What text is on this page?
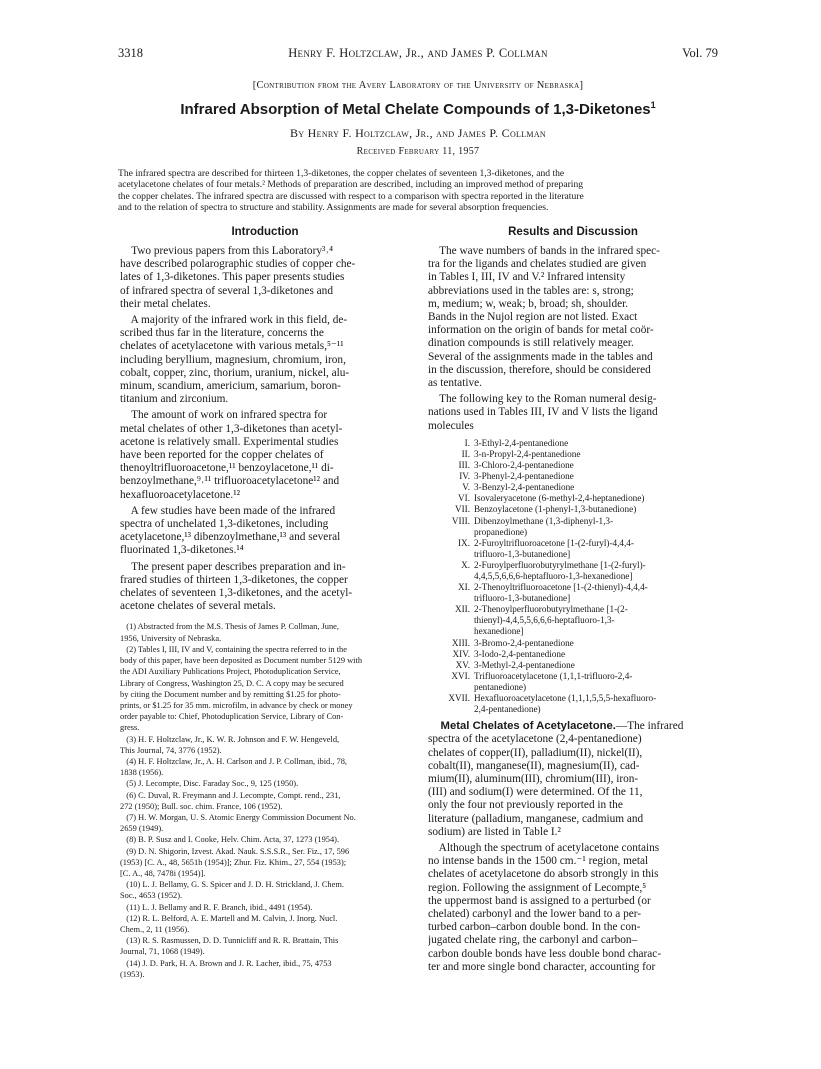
3318	Henry F. Holtzclaw, Jr., and James P. Collman	Vol. 79
[Contribution from the Avery Laboratory of the University of Nebraska]
Infrared Absorption of Metal Chelate Compounds of 1,3-Diketones$^1$
By Henry F. Holtzclaw, Jr., and James P. Collman
Received February 11, 1957
The infrared spectra are described for thirteen 1,3-diketones, the copper chelates of seventeen 1,3-diketones, and the
acetylacetone chelates of four metals.² Methods of preparation are described, including an improved method of preparing
the copper chelates. The infrared spectra are discussed with respect to a comparison with spectra reported in the literature
and to the relation of spectra to structure and stability. Assignments are made for several absorption frequencies.
Introduction
Two previous papers from this Laboratory³˒⁴
have described polarographic studies of copper che-
lates of 1,3-diketones. This paper presents studies
of infrared spectra of several 1,3-diketones and
their metal chelates.
A majority of the infrared work in this field, de-
scribed thus far in the literature, concerns the
chelates of acetylacetone with various metals,⁵⁻¹¹
including beryllium, magnesium, chromium, iron,
cobalt, copper, zinc, thorium, uranium, nickel, alu-
minum, scandium, americium, samarium, boron-
titanium and zirconium.
The amount of work on infrared spectra for
metal chelates of other 1,3-diketones than acetyl-
acetone is relatively small. Experimental studies
have been reported for the copper chelates of
thenoyltrifluoroacetone,¹¹ benzoylacetone,¹¹ di-
benzoylmethane,⁹˒¹¹ trifluoroacetylacetone¹² and
hexafluoroacetylacetone.¹²
A few studies have been made of the infrared
spectra of unchelated 1,3-diketones, including
acetylacetone,¹³ dibenzoylmethane,¹³ and several
fluorinated 1,3-diketones.¹⁴
The present paper describes preparation and in-
frared studies of thirteen 1,3-diketones, the copper
chelates of seventeen 1,3-diketones, and the acetyl-
acetone chelates of several metals.
(1) Abstracted from the M.S. Thesis of James P. Collman, June,
1956, University of Nebraska.
(2) Tables I, III, IV and V, containing the spectra referred to in the
body of this paper, have been deposited as Document number 5129 with
the ADI Auxiliary Publications Project, Photoduplication Service,
Library of Congress, Washington 25, D. C. A copy may be secured
by citing the Document number and by remitting $1.25 for photo-
prints, or $1.25 for 35 mm. microfilm, in advance by check or money
order payable to: Chief, Photoduplication Service, Library of Con-
gress.
(3) H. F. Holtzclaw, Jr., K. W. R. Johnson and F. W. Hengeveld,
This Journal, 74, 3776 (1952).
(4) H. F. Holtzclaw, Jr., A. H. Carlson and J. P. Collman, ibid., 78,
1838 (1956).
(5) J. Lecompte, Disc. Faraday Soc., 9, 125 (1950).
(6) C. Duval, R. Freymann and J. Lecompte, Compt. rend., 231,
272 (1950); Bull. soc. chim. France, 106 (1952).
(7) H. W. Morgan, U. S. Atomic Energy Commission Document No.
2659 (1949).
(8) B. P. Susz and I. Cooke, Helv. Chim. Acta, 37, 1273 (1954).
(9) D. N. Shigorin, Izvest. Akad. Nauk. S.S.S.R., Ser. Fiz., 17, 596
(1953) [C. A., 48, 5651h (1954)]; Zhur. Fiz. Khim., 27, 554 (1953);
[C. A., 48, 7478i (1954)].
(10) L. J. Bellamy, G. S. Spicer and J. D. H. Strickland, J. Chem.
Soc., 4653 (1952).
(11) L. J. Bellamy and R. F. Branch, ibid., 4491 (1954).
(12) R. L. Belford, A. E. Martell and M. Calvin, J. Inorg. Nucl.
Chem., 2, 11 (1956).
(13) R. S. Rasmussen, D. D. Tunnicliff and R. R. Brattain, This
Journal, 71, 1068 (1949).
(14) J. D. Park, H. A. Brown and J. R. Lacher, ibid., 75, 4753
(1953).
Results and Discussion
The wave numbers of bands in the infrared spec-
tra for the ligands and chelates studied are given
in Tables I, III, IV and V.² Infrared intensity
abbreviations used in the tables are: s, strong;
m, medium; w, weak; b, broad; sh, shoulder.
Bands in the Nujol region are not listed. Exact
information on the origin of bands for metal coör-
dination compounds is still relatively meager.
Several of the assignments made in the tables and
in the discussion, therefore, should be considered
as tentative.
The following key to the Roman numeral desig-
nations used in Tables III, IV and V lists the ligand
molecules
I. 3-Ethyl-2,4-pentanedione
II. 3-n-Propyl-2,4-pentanedione
III. 3-Chloro-2,4-pentanedione
IV. 3-Phenyl-2,4-pentanedione
V. 3-Benzyl-2,4-pentanedione
VI. Isovaleryacetone (6-methyl-2,4-heptanedione)
VII. Benzoylacetone (1-phenyl-1,3-butanedione)
VIII. Dibenzoylmethane (1,3-diphenyl-1,3-
propanedione)
IX. 2-Furoyltrifluoroacetone [1-(2-furyl)-4,4,4-
trifluoro-1,3-butanedione]
X. 2-Furoylperfluorobutyrylmethane [1-(2-furyl)-
4,4,5,5,6,6,6-heptafluoro-1,3-hexanedione]
XI. 2-Thenoyltrifluoroacetone [1-(2-thienyl)-4,4,4-
trifluoro-1,3-butanedione]
XII. 2-Thenoylperfluorobutyrylmethane [1-(2-
thienyl)-4,4,5,5,6,6,6-heptafluoro-1,3-
hexanedione]
XIII. 3-Bromo-2,4-pentanedione
XIV. 3-Iodo-2,4-pentanedione
XV. 3-Methyl-2,4-pentanedione
XVI. Trifluoroacetylacetone (1,1,1-trifluoro-2,4-
pentanedione)
XVII. Hexafluoroacetylacetone (1,1,1,5,5,5-hexafluoro-
2,4-pentanedione)
Metal Chelates of Acetylacetone.—The infrared
spectra of the acetylacetone (2,4-pentanedione)
chelates of copper(II), palladium(II), nickel(II),
cobalt(II), manganese(II), magnesium(II), cad-
mium(II), aluminum(III), chromium(III), iron-
(III) and sodium(I) were determined. Of the 11,
only the four not previously reported in the
literature (palladium, manganese, cadmium and
sodium) are listed in Table I.²
Although the spectrum of acetylacetone contains
no intense bands in the 1500 cm.⁻¹ region, metal
chelates of acetylacetone do absorb strongly in this
region. Following the assignment of Lecompte,⁵
the uppermost band is assigned to a perturbed (or
chelated) carbonyl and the lower band to a per-
turbed carbon–carbon double bond. In the con-
jugated chelate ring, the carbonyl and carbon–
carbon double bonds have less double bond charac-
ter and more single bond character, accounting for
